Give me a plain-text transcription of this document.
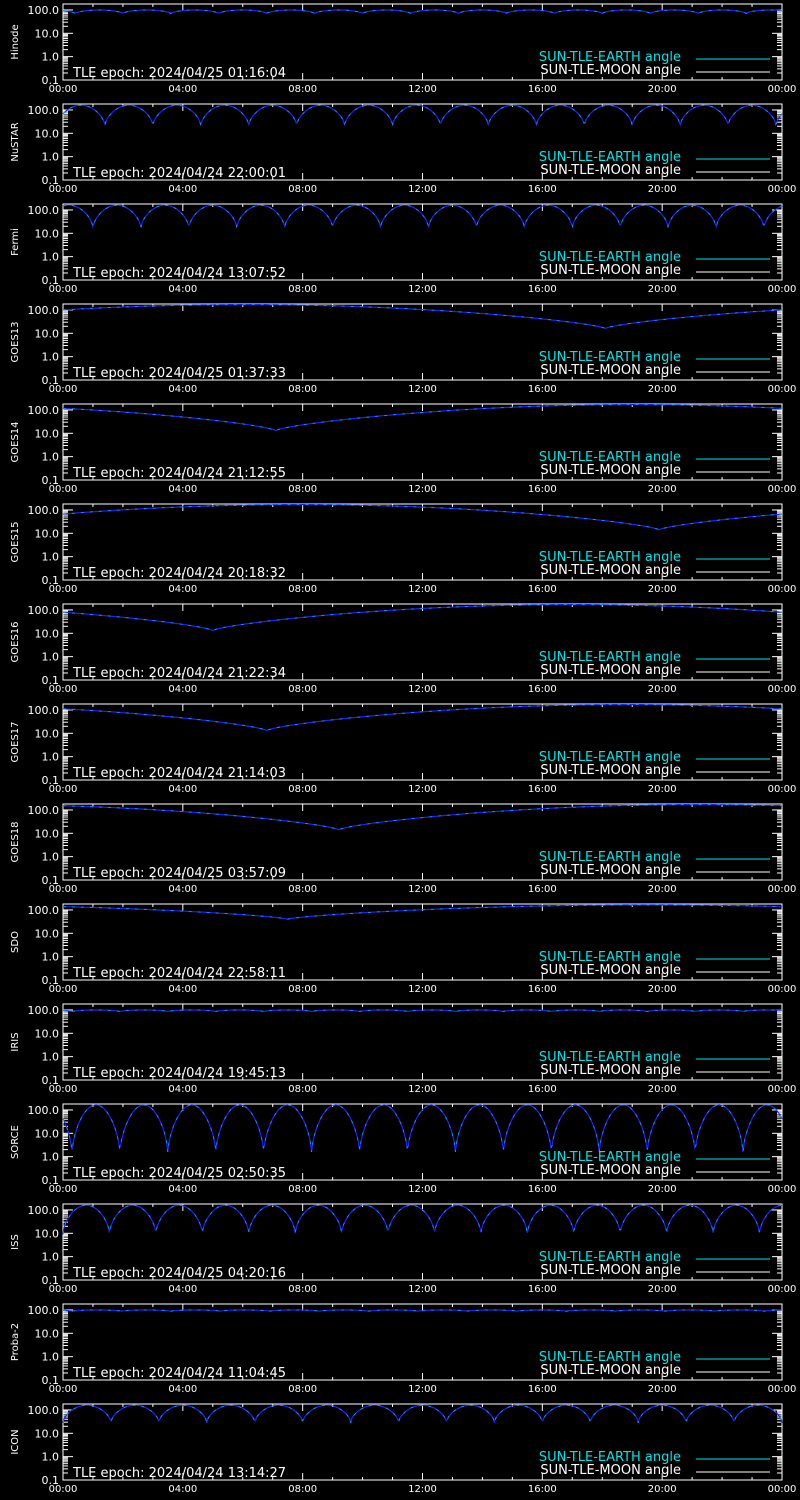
0.1
1.0
10.0
100.0
00:00	04:00	08:00	12:00	16:00	20:00	00:00
Hinode
TLE epoch: 2024/04/25 01:16:04
SUN-TLE-EARTH angle
SUN-TLE-MOON angle
0.1
1.0
10.0
100.0
00:00	04:00	08:00	12:00	16:00	20:00	00:00
NuSTAR
TLE epoch: 2024/04/24 22:00:01
SUN-TLE-EARTH angle
SUN-TLE-MOON angle
0.1
1.0
10.0
100.0
00:00	04:00	08:00	12:00	16:00	20:00	00:00
Fermi
TLE epoch: 2024/04/24 13:07:52
SUN-TLE-EARTH angle
SUN-TLE-MOON angle
0.1
1.0
10.0
100.0
00:00	04:00	08:00	12:00	16:00	20:00	00:00
GOES13
TLE epoch: 2024/04/25 01:37:33
SUN-TLE-EARTH angle
SUN-TLE-MOON angle
0.1
1.0
10.0
100.0
00:00	04:00	08:00	12:00	16:00	20:00	00:00
GOES14
TLE epoch: 2024/04/24 21:12:55
SUN-TLE-EARTH angle
SUN-TLE-MOON angle
0.1
1.0
10.0
100.0
00:00	04:00	08:00	12:00	16:00	20:00	00:00
GOES15
TLE epoch: 2024/04/24 20:18:32
SUN-TLE-EARTH angle
SUN-TLE-MOON angle
0.1
1.0
10.0
100.0
00:00	04:00	08:00	12:00	16:00	20:00	00:00
GOES16
TLE epoch: 2024/04/24 21:22:34
SUN-TLE-EARTH angle
SUN-TLE-MOON angle
0.1
1.0
10.0
100.0
00:00	04:00	08:00	12:00	16:00	20:00	00:00
GOES17
TLE epoch: 2024/04/24 21:14:03
SUN-TLE-EARTH angle
SUN-TLE-MOON angle
0.1
1.0
10.0
100.0
00:00	04:00	08:00	12:00	16:00	20:00	00:00
GOES18
TLE epoch: 2024/04/25 03:57:09
SUN-TLE-EARTH angle
SUN-TLE-MOON angle
0.1
1.0
10.0
100.0
00:00	04:00	08:00	12:00	16:00	20:00	00:00
SDO
TLE epoch: 2024/04/24 22:58:11
SUN-TLE-EARTH angle
SUN-TLE-MOON angle
0.1
1.0
10.0
100.0
00:00	04:00	08:00	12:00	16:00	20:00	00:00
IRIS
TLE epoch: 2024/04/24 19:45:13
SUN-TLE-EARTH angle
SUN-TLE-MOON angle
0.1
1.0
10.0
100.0
00:00	04:00	08:00	12:00	16:00	20:00	00:00
SORCE
TLE epoch: 2024/04/25 02:50:35
SUN-TLE-EARTH angle
SUN-TLE-MOON angle
0.1
1.0
10.0
100.0
00:00	04:00	08:00	12:00	16:00	20:00	00:00
ISS
TLE epoch: 2024/04/25 04:20:16
SUN-TLE-EARTH angle
SUN-TLE-MOON angle
0.1
1.0
10.0
100.0
00:00	04:00	08:00	12:00	16:00	20:00	00:00
Proba-2
TLE epoch: 2024/04/24 11:04:45
SUN-TLE-EARTH angle
SUN-TLE-MOON angle
0.1
1.0
10.0
100.0
00:00	04:00	08:00	12:00	16:00	20:00	00:00
ICON
TLE epoch: 2024/04/24 13:14:27
SUN-TLE-EARTH angle
SUN-TLE-MOON angle
